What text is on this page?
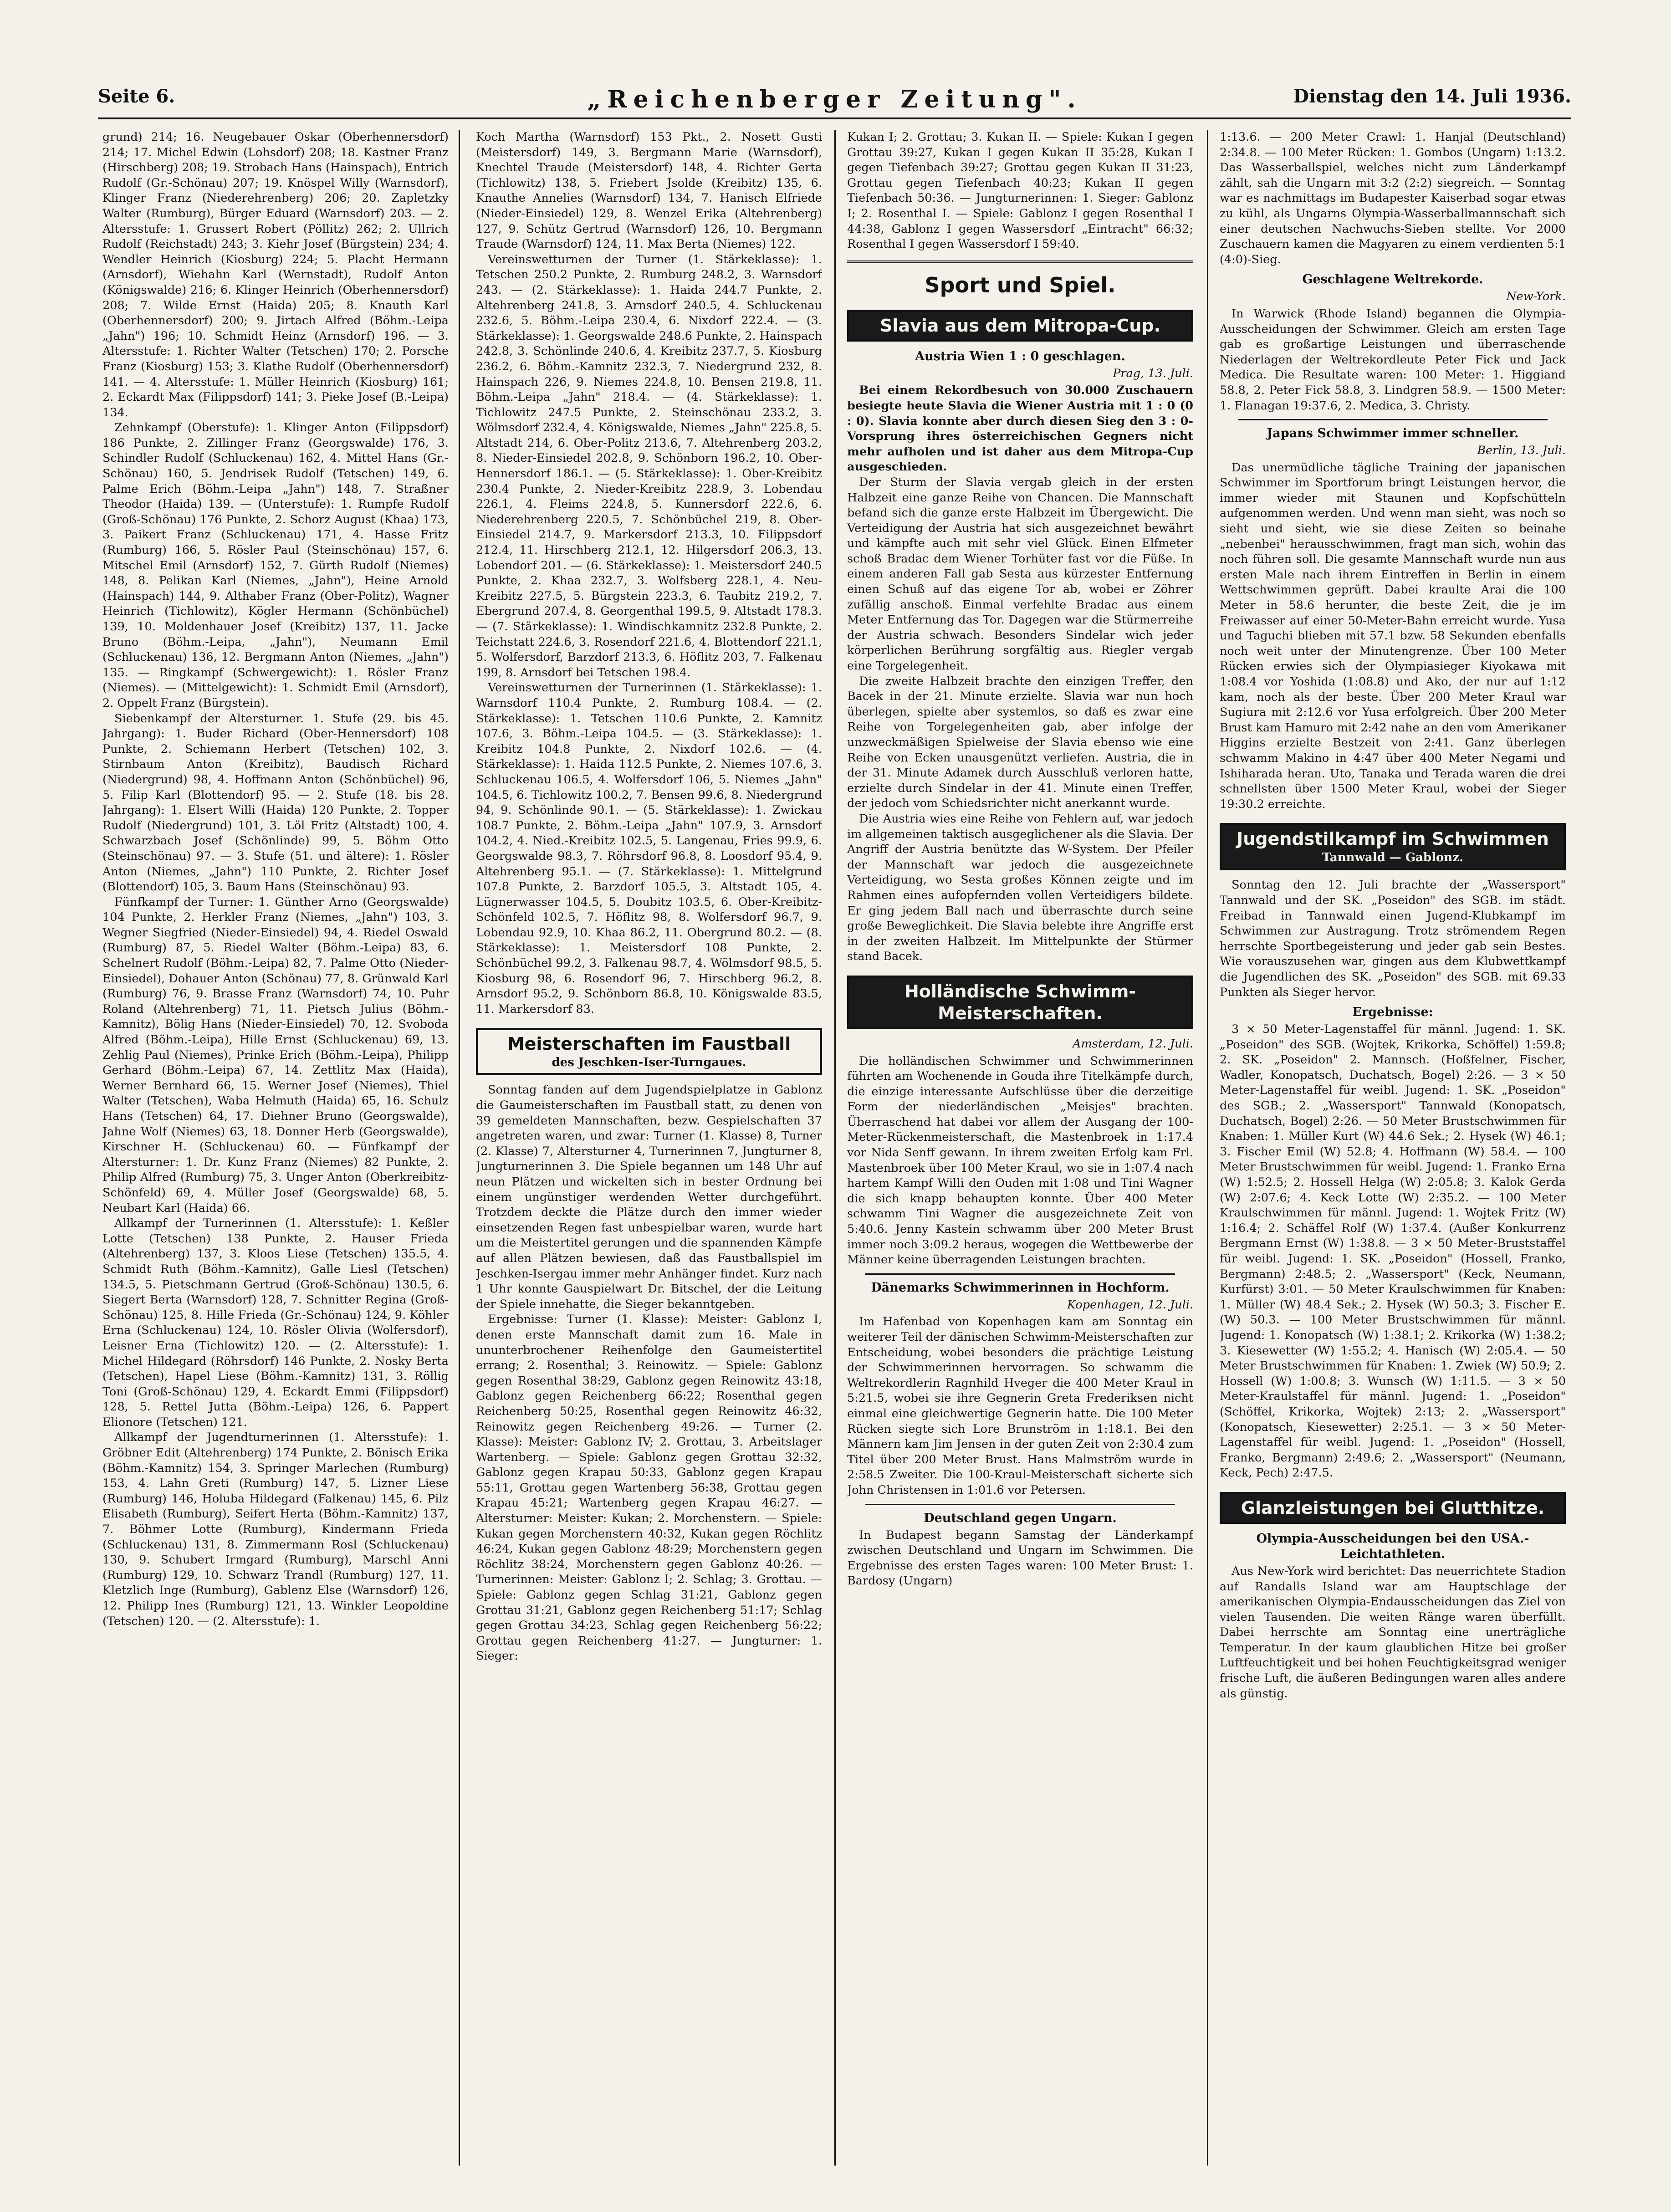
Seite 6.	„Reichenberger Zeitung".	Dienstag den 14. Juli 1936.

grund) 214; 16. Neugebauer Oskar (Oberhennersdorf) 214; 17. Michel Edwin (Lohsdorf) 208; 18. Kastner Franz (Hirschberg) 208; 19. Strobach Hans (Hainspach), Entrich Rudolf (Gr.-Schönau) 207; 19. Knöspel Willy (Warnsdorf), Klinger Franz (Niederehrenberg) 206; 20. Zapletzky Walter (Rumburg), Bürger Eduard (Warnsdorf) 203. — 2. Altersstufe: 1. Grussert Robert (Pöllitz) 262; 2. Ullrich Rudolf (Reichstadt) 243; 3. Kiehr Josef (Bürgstein) 234; 4. Wendler Heinrich (Kiosburg) 224; 5. Placht Hermann (Arnsdorf), Wiehahn Karl (Wernstadt), Rudolf Anton (Königswalde) 216; 6. Klinger Heinrich (Oberhennersdorf) 208; 7. Wilde Ernst (Haida) 205; 8. Knauth Karl (Oberhennersdorf) 200; 9. Jirtach Alfred (Böhm.-Leipa „Jahn") 196; 10. Schmidt Heinz (Arnsdorf) 196. — 3. Altersstufe: 1. Richter Walter (Tetschen) 170; 2. Porsche Franz (Kiosburg) 153; 3. Klathe Rudolf (Oberhennersdorf) 141. — 4. Altersstufe: 1. Müller Heinrich (Kiosburg) 161; 2. Eckardt Max (Filippsdorf) 141; 3. Pieke Josef (B.-Leipa) 134.

Zehnkampf (Oberstufe): 1. Klinger Anton (Filippsdorf) 186 Punkte, 2. Zillinger Franz (Georgswalde) 176, 3. Schindler Rudolf (Schluckenau) 162, 4. Mittel Hans (Gr.-Schönau) 160, 5. Jendrisek Rudolf (Tetschen) 149, 6. Palme Erich (Böhm.-Leipa „Jahn") 148, 7. Straßner Theodor (Haida) 139. — (Unterstufe): 1. Rumpfe Rudolf (Groß-Schönau) 176 Punkte, 2. Schorz August (Khaa) 173, 3. Paikert Franz (Schluckenau) 171, 4. Hasse Fritz (Rumburg) 166, 5. Rösler Paul (Steinschönau) 157, 6. Mitschel Emil (Arnsdorf) 152, 7. Gürth Rudolf (Niemes) 148, 8. Pelikan Karl (Niemes, „Jahn"), Heine Arnold (Hainspach) 144, 9. Althaber Franz (Ober-Politz), Wagner Heinrich (Tichlowitz), Kögler Hermann (Schönbüchel) 139, 10. Moldenhauer Josef (Kreibitz) 137, 11. Jacke Bruno (Böhm.-Leipa, „Jahn"), Neumann Emil (Schluckenau) 136, 12. Bergmann Anton (Niemes, „Jahn") 135. — Ringkampf (Schwergewicht): 1. Rösler Franz (Niemes). — (Mittelgewicht): 1. Schmidt Emil (Arnsdorf), 2. Oppelt Franz (Bürgstein).

Siebenkampf der Altersturner. 1. Stufe (29. bis 45. Jahrgang): 1. Buder Richard (Ober-Hennersdorf) 108 Punkte, 2. Schiemann Herbert (Tetschen) 102, 3. Stirnbaum Anton (Kreibitz), Baudisch Richard (Niedergrund) 98, 4. Hoffmann Anton (Schönbüchel) 96, 5. Filip Karl (Blottendorf) 95. — 2. Stufe (18. bis 28. Jahrgang): 1. Elsert Willi (Haida) 120 Punkte, 2. Topper Rudolf (Niedergrund) 101, 3. Löl Fritz (Altstadt) 100, 4. Schwarzbach Josef (Schönlinde) 99, 5. Böhm Otto (Steinschönau) 97. — 3. Stufe (51. und ältere): 1. Rösler Anton (Niemes, „Jahn") 110 Punkte, 2. Richter Josef (Blottendorf) 105, 3. Baum Hans (Steinschönau) 93.

Fünfkampf der Turner: 1. Günther Arno (Georgswalde) 104 Punkte, 2. Herkler Franz (Niemes, „Jahn") 103, 3. Wegner Siegfried (Nieder-Einsiedel) 94, 4. Riedel Oswald (Rumburg) 87, 5. Riedel Walter (Böhm.-Leipa) 83, 6. Schelnert Rudolf (Böhm.-Leipa) 82, 7. Palme Otto (Nieder-Einsiedel), Dohauer Anton (Schönau) 77, 8. Grünwald Karl (Rumburg) 76, 9. Brasse Franz (Warnsdorf) 74, 10. Puhr Roland (Altehrenberg) 71, 11. Pietsch Julius (Böhm.-Kamnitz), Bölig Hans (Nieder-Einsiedel) 70, 12. Svoboda Alfred (Böhm.-Leipa), Hille Ernst (Schluckenau) 69, 13. Zehlig Paul (Niemes), Prinke Erich (Böhm.-Leipa), Philipp Gerhard (Böhm.-Leipa) 67, 14. Zettlitz Max (Haida), Werner Bernhard 66, 15. Werner Josef (Niemes), Thiel Walter (Tetschen), Waba Helmuth (Haida) 65, 16. Schulz Hans (Tetschen) 64, 17. Diehner Bruno (Georgswalde), Jahne Wolf (Niemes) 63, 18. Donner Herb (Georgswalde), Kirschner H. (Schluckenau) 60. — Fünfkampf der Altersturner: 1. Dr. Kunz Franz (Niemes) 82 Punkte, 2. Philip Alfred (Rumburg) 75, 3. Unger Anton (Oberkreibitz-Schönfeld) 69, 4. Müller Josef (Georgswalde) 68, 5. Neubart Karl (Haida) 66.

Allkampf der Turnerinnen (1. Altersstufe): 1. Keßler Lotte (Tetschen) 138 Punkte, 2. Hauser Frieda (Altehrenberg) 137, 3. Kloos Liese (Tetschen) 135.5, 4. Schmidt Ruth (Böhm.-Kamnitz), Galle Liesl (Tetschen) 134.5, 5. Pietschmann Gertrud (Groß-Schönau) 130.5, 6. Siegert Berta (Warnsdorf) 128, 7. Schnitter Regina (Groß-Schönau) 125, 8. Hille Frieda (Gr.-Schönau) 124, 9. Köhler Erna (Schluckenau) 124, 10. Rösler Olivia (Wolfersdorf), Leisner Erna (Tichlowitz) 120. — (2. Altersstufe): 1. Michel Hildegard (Röhrsdorf) 146 Punkte, 2. Nosky Berta (Tetschen), Hapel Liese (Böhm.-Kamnitz) 131, 3. Röllig Toni (Groß-Schönau) 129, 4. Eckardt Emmi (Filippsdorf) 128, 5. Rettel Jutta (Böhm.-Leipa) 126, 6. Pappert Elionore (Tetschen) 121.

Allkampf der Jugendturnerinnen (1. Altersstufe): 1. Gröbner Edit (Altehrenberg) 174 Punkte, 2. Bönisch Erika (Böhm.-Kamnitz) 154, 3. Springer Marlechen (Rumburg) 153, 4. Lahn Greti (Rumburg) 147, 5. Lizner Liese (Rumburg) 146, Holuba Hildegard (Falkenau) 145, 6. Pilz Elisabeth (Rumburg), Seifert Herta (Böhm.-Kamnitz) 137, 7. Böhmer Lotte (Rumburg), Kindermann Frieda (Schluckenau) 131, 8. Zimmermann Rosl (Schluckenau) 130, 9. Schubert Irmgard (Rumburg), Marschl Anni (Rumburg) 129, 10. Schwarz Trandl (Rumburg) 127, 11. Kletzlich Inge (Rumburg), Gablenz Else (Warnsdorf) 126, 12. Philipp Ines (Rumburg) 121, 13. Winkler Leopoldine (Tetschen) 120. — (2. Altersstufe): 1.

Koch Martha (Warnsdorf) 153 Pkt., 2. Nosett Gusti (Meistersdorf) 149, 3. Bergmann Marie (Warnsdorf), Knechtel Traude (Meistersdorf) 148, 4. Richter Gerta (Tichlowitz) 138, 5. Friebert Jsolde (Kreibitz) 135, 6. Knauthe Annelies (Warnsdorf) 134, 7. Hanisch Elfriede (Nieder-Einsiedel) 129, 8. Wenzel Erika (Altehrenberg) 127, 9. Schütz Gertrud (Warnsdorf) 126, 10. Bergmann Traude (Warnsdorf) 124, 11. Max Berta (Niemes) 122.

Vereinswetturnen der Turner (1. Stärkeklasse): 1. Tetschen 250.2 Punkte, 2. Rumburg 248.2, 3. Warnsdorf 243. — (2. Stärkeklasse): 1. Haida 244.7 Punkte, 2. Altehrenberg 241.8, 3. Arnsdorf 240.5, 4. Schluckenau 232.6, 5. Böhm.-Leipa 230.4, 6. Nixdorf 222.4. — (3. Stärkeklasse): 1. Georgswalde 248.6 Punkte, 2. Hainspach 242.8, 3. Schönlinde 240.6, 4. Kreibitz 237.7, 5. Kiosburg 236.2, 6. Böhm.-Kamnitz 232.3, 7. Niedergrund 232, 8. Hainspach 226, 9. Niemes 224.8, 10. Bensen 219.8, 11. Böhm.-Leipa „Jahn" 218.4. — (4. Stärkeklasse): 1. Tichlowitz 247.5 Punkte, 2. Steinschönau 233.2, 3. Wölmsdorf 232.4, 4. Königswalde, Niemes „Jahn" 225.8, 5. Altstadt 214, 6. Ober-Politz 213.6, 7. Altehrenberg 203.2, 8. Nieder-Einsiedel 202.8, 9. Schönborn 196.2, 10. Ober-Hennersdorf 186.1. — (5. Stärkeklasse): 1. Ober-Kreibitz 230.4 Punkte, 2. Nieder-Kreibitz 228.9, 3. Lobendau 226.1, 4. Fleims 224.8, 5. Kunnersdorf 222.6, 6. Niederehrenberg 220.5, 7. Schönbüchel 219, 8. Ober-Einsiedel 214.7, 9. Markersdorf 213.3, 10. Filippsdorf 212.4, 11. Hirschberg 212.1, 12. Hilgersdorf 206.3, 13. Lobendorf 201. — (6. Stärkeklasse): 1. Meistersdorf 240.5 Punkte, 2. Khaa 232.7, 3. Wolfsberg 228.1, 4. Neu-Kreibitz 227.5, 5. Bürgstein 223.3, 6. Taubitz 219.2, 7. Ebergrund 207.4, 8. Georgenthal 199.5, 9. Altstadt 178.3. — (7. Stärkeklasse): 1. Windischkamnitz 232.8 Punkte, 2. Teichstatt 224.6, 3. Rosendorf 221.6, 4. Blottendorf 221.1, 5. Wolfersdorf, Barzdorf 213.3, 6. Höflitz 203, 7. Falkenau 199, 8. Arnsdorf bei Tetschen 198.4.

Vereinswetturnen der Turnerinnen (1. Stärkeklasse): 1. Warnsdorf 110.4 Punkte, 2. Rumburg 108.4. — (2. Stärkeklasse): 1. Tetschen 110.6 Punkte, 2. Kamnitz 107.6, 3. Böhm.-Leipa 104.5. — (3. Stärkeklasse): 1. Kreibitz 104.8 Punkte, 2. Nixdorf 102.6. — (4. Stärkeklasse): 1. Haida 112.5 Punkte, 2. Niemes 107.6, 3. Schluckenau 106.5, 4. Wolfersdorf 106, 5. Niemes „Jahn" 104.5, 6. Tichlowitz 100.2, 7. Bensen 99.6, 8. Niedergrund 94, 9. Schönlinde 90.1. — (5. Stärkeklasse): 1. Zwickau 108.7 Punkte, 2. Böhm.-Leipa „Jahn" 107.9, 3. Arnsdorf 104.2, 4. Nied.-Kreibitz 102.5, 5. Langenau, Fries 99.9, 6. Georgswalde 98.3, 7. Röhrsdorf 96.8, 8. Loosdorf 95.4, 9. Altehrenberg 95.1. — (7. Stärkeklasse): 1. Mittelgrund 107.8 Punkte, 2. Barzdorf 105.5, 3. Altstadt 105, 4. Lügnerwasser 104.5, 5. Doubitz 103.5, 6. Ober-Kreibitz-Schönfeld 102.5, 7. Höflitz 98, 8. Wolfersdorf 96.7, 9. Lobendau 92.9, 10. Khaa 86.2, 11. Obergrund 80.2. — (8. Stärkeklasse): 1. Meistersdorf 108 Punkte, 2. Schönbüchel 99.2, 3. Falkenau 98.7, 4. Wölmsdorf 98.5, 5. Kiosburg 98, 6. Rosendorf 96, 7. Hirschberg 96.2, 8. Arnsdorf 95.2, 9. Schönborn 86.8, 10. Königswalde 83.5, 11. Markersdorf 83.

Meisterschaften im Faustball
des Jeschken-Iser-Turngaues.

Sonntag fanden auf dem Jugendspielplatze in Gablonz die Gaumeisterschaften im Faustball statt, zu denen von 39 gemeldeten Mannschaften, bezw. Gespielschaften 37 angetreten waren, und zwar: Turner (1. Klasse) 8, Turner (2. Klasse) 7, Altersturner 4, Turnerinnen 7, Jungturner 8, Jungturnerinnen 3. Die Spiele begannen um 148 Uhr auf neun Plätzen und wickelten sich in bester Ordnung bei einem ungünstiger werdenden Wetter durchgeführt. Trotzdem deckte die Plätze durch den immer wieder einsetzenden Regen fast unbespielbar waren, wurde hart um die Meistertitel gerungen und die spannenden Kämpfe auf allen Plätzen bewiesen, daß das Faustballspiel im Jeschken-Isergau immer mehr Anhänger findet. Kurz nach 1 Uhr konnte Gauspielwart Dr. Bitschel, der die Leitung der Spiele innehatte, die Sieger bekanntgeben.

Ergebnisse: Turner (1. Klasse): Meister: Gablonz I, denen erste Mannschaft damit zum 16. Male in ununterbrochener Reihenfolge den Gaumeistertitel errang; 2. Rosenthal; 3. Reinowitz. — Spiele: Gablonz gegen Rosenthal 38:29, Gablonz gegen Reinowitz 43:18, Gablonz gegen Reichenberg 66:22; Rosenthal gegen Reichenberg 50:25, Rosenthal gegen Reinowitz 46:32, Reinowitz gegen Reichenberg 49:26. — Turner (2. Klasse): Meister: Gablonz IV; 2. Grottau, 3. Arbeitslager Wartenberg. — Spiele: Gablonz gegen Grottau 32:32, Gablonz gegen Krapau 50:33, Gablonz gegen Krapau 55:11, Grottau gegen Wartenberg 56:38, Grottau gegen Krapau 45:21; Wartenberg gegen Krapau 46:27. — Altersturner: Meister: Kukan; 2. Morchenstern. — Spiele: Kukan gegen Morchenstern 40:32, Kukan gegen Röchlitz 46:24, Kukan gegen Gablonz 48:29; Morchenstern gegen Röchlitz 38:24, Morchenstern gegen Gablonz 40:26. — Turnerinnen: Meister: Gablonz I; 2. Schlag; 3. Grottau. — Spiele: Gablonz gegen Schlag 31:21, Gablonz gegen Grottau 31:21, Gablonz gegen Reichenberg 51:17; Schlag gegen Grottau 34:23, Schlag gegen Reichenberg 56:22; Grottau gegen Reichenberg 41:27. — Jungturner: 1. Sieger:

Kukan I; 2. Grottau; 3. Kukan II. — Spiele: Kukan I gegen Grottau 39:27, Kukan I gegen Kukan II 35:28, Kukan I gegen Tiefenbach 39:27; Grottau gegen Kukan II 31:23, Grottau gegen Tiefenbach 40:23; Kukan II gegen Tiefenbach 50:36. — Jungturnerinnen: 1. Sieger: Gablonz I; 2. Rosenthal I. — Spiele: Gablonz I gegen Rosenthal I 44:38, Gablonz I gegen Wassersdorf „Eintracht" 66:32; Rosenthal I gegen Wassersdorf I 59:40.

Sport und Spiel.
Slavia aus dem Mitropa-Cup.
Austria Wien 1 : 0 geschlagen.
Prag, 13. Juli.

Bei einem Rekordbesuch von 30.000 Zuschauern besiegte heute Slavia die Wiener Austria mit 1 : 0 (0 : 0). Slavia konnte aber durch diesen Sieg den 3 : 0-Vorsprung ihres österreichischen Gegners nicht mehr aufholen und ist daher aus dem Mitropa-Cup ausgeschieden.

Der Sturm der Slavia vergab gleich in der ersten Halbzeit eine ganze Reihe von Chancen. Die Mannschaft befand sich die ganze erste Halbzeit im Übergewicht. Die Verteidigung der Austria hat sich ausgezeichnet bewährt und kämpfte auch mit sehr viel Glück. Einen Elfmeter schoß Bradac dem Wiener Torhüter fast vor die Füße. In einem anderen Fall gab Sesta aus kürzester Entfernung einen Schuß auf das eigene Tor ab, wobei er Zöhrer zufällig anschoß. Einmal verfehlte Bradac aus einem Meter Entfernung das Tor. Dagegen war die Stürmerreihe der Austria schwach. Besonders Sindelar wich jeder körperlichen Berührung sorgfältig aus. Riegler vergab eine Torgelegenheit.

Die zweite Halbzeit brachte den einzigen Treffer, den Bacek in der 21. Minute erzielte. Slavia war nun hoch überlegen, spielte aber systemlos, so daß es zwar eine Reihe von Torgelegenheiten gab, aber infolge der unzweckmäßigen Spielweise der Slavia ebenso wie eine Reihe von Ecken unausgenützt verliefen. Austria, die in der 31. Minute Adamek durch Ausschluß verloren hatte, erzielte durch Sindelar in der 41. Minute einen Treffer, der jedoch vom Schiedsrichter nicht anerkannt wurde.

Die Austria wies eine Reihe von Fehlern auf, war jedoch im allgemeinen taktisch ausgeglichener als die Slavia. Der Angriff der Austria benützte das W-System. Der Pfeiler der Mannschaft war jedoch die ausgezeichnete Verteidigung, wo Sesta großes Können zeigte und im Rahmen eines aufopfernden vollen Verteidigers bildete. Er ging jedem Ball nach und überraschte durch seine große Beweglichkeit. Die Slavia belebte ihre Angriffe erst in der zweiten Halbzeit. Im Mittelpunkte der Stürmer stand Bacek.

Holländische Schwimm-Meisterschaften.
Amsterdam, 12. Juli.

Die holländischen Schwimmer und Schwimmerinnen führten am Wochenende in Gouda ihre Titelkämpfe durch, die einzige interessante Aufschlüsse über die derzeitige Form der niederländischen „Meisjes" brachten. Überraschend hat dabei vor allem der Ausgang der 100-Meter-Rückenmeisterschaft, die Mastenbroek in 1:17.4 vor Nida Senff gewann. In ihrem zweiten Erfolg kam Frl. Mastenbroek über 100 Meter Kraul, wo sie in 1:07.4 nach hartem Kampf Willi den Ouden mit 1:08 und Tini Wagner die sich knapp behaupten konnte. Über 400 Meter schwamm Tini Wagner die ausgezeichnete Zeit von 5:40.6. Jenny Kastein schwamm über 200 Meter Brust immer noch 3:09.2 heraus, wogegen die Wettbewerbe der Männer keine überragenden Leistungen brachten.

Dänemarks Schwimmerinnen in Hochform.
Kopenhagen, 12. Juli.

Im Hafenbad von Kopenhagen kam am Sonntag ein weiterer Teil der dänischen Schwimm-Meisterschaften zur Entscheidung, wobei besonders die prächtige Leistung der Schwimmerinnen hervorragen. So schwamm die Weltrekordlerin Ragnhild Hveger die 400 Meter Kraul in 5:21.5, wobei sie ihre Gegnerin Greta Frederiksen nicht einmal eine gleichwertige Gegnerin hatte. Die 100 Meter Rücken siegte sich Lore Brunström in 1:18.1. Bei den Männern kam Jim Jensen in der guten Zeit von 2:30.4 zum Titel über 200 Meter Brust. Hans Malmström wurde in 2:58.5 Zweiter. Die 100-Kraul-Meisterschaft sicherte sich John Christensen in 1:01.6 vor Petersen.

Deutschland gegen Ungarn.

In Budapest begann Samstag der Länderkampf zwischen Deutschland und Ungarn im Schwimmen. Die Ergebnisse des ersten Tages waren: 100 Meter Brust: 1. Bardosy (Ungarn)

1:13.6. — 200 Meter Crawl: 1. Hanjal (Deutschland) 2:34.8. — 100 Meter Rücken: 1. Gombos (Ungarn) 1:13.2. Das Wasserballspiel, welches nicht zum Länderkampf zählt, sah die Ungarn mit 3:2 (2:2) siegreich. — Sonntag war es nachmittags im Budapester Kaiserbad sogar etwas zu kühl, als Ungarns Olympia-Wasserballmannschaft sich einer deutschen Nachwuchs-Sieben stellte. Vor 2000 Zuschauern kamen die Magyaren zu einem verdienten 5:1 (4:0)-Sieg.

Geschlagene Weltrekorde.
New-York.

In Warwick (Rhode Island) begannen die Olympia-Ausscheidungen der Schwimmer. Gleich am ersten Tage gab es großartige Leistungen und überraschende Niederlagen der Weltrekordleute Peter Fick und Jack Medica. Die Resultate waren: 100 Meter: 1. Higgiand 58.8, 2. Peter Fick 58.8, 3. Lindgren 58.9. — 1500 Meter: 1. Flanagan 19:37.6, 2. Medica, 3. Christy.

Japans Schwimmer immer schneller.
Berlin, 13. Juli.

Das unermüdliche tägliche Training der japanischen Schwimmer im Sportforum bringt Leistungen hervor, die immer wieder mit Staunen und Kopfschütteln aufgenommen werden. Und wenn man sieht, was noch so sieht und sieht, wie sie diese Zeiten so beinahe „nebenbei" herausschwimmen, fragt man sich, wohin das noch führen soll. Die gesamte Mannschaft wurde nun aus ersten Male nach ihrem Eintreffen in Berlin in einem Wettschwimmen geprüft. Dabei kraulte Arai die 100 Meter in 58.6 herunter, die beste Zeit, die je im Freiwasser auf einer 50-Meter-Bahn erreicht wurde. Yusa und Taguchi blieben mit 57.1 bzw. 58 Sekunden ebenfalls noch weit unter der Minutengrenze. Über 100 Meter Rücken erwies sich der Olympiasieger Kiyokawa mit 1:08.4 vor Yoshida (1:08.8) und Ako, der nur auf 1:12 kam, noch als der beste. Über 200 Meter Kraul war Sugiura mit 2:12.6 vor Yusa erfolgreich. Über 200 Meter Brust kam Hamuro mit 2:42 nahe an den vom Amerikaner Higgins erzielte Bestzeit von 2:41. Ganz überlegen schwamm Makino in 4:47 über 400 Meter Negami und Ishiharada heran. Uto, Tanaka und Terada waren die drei schnellsten über 1500 Meter Kraul, wobei der Sieger 19:30.2 erreichte.

Jugendstilkampf im Schwimmen
Tannwald — Gablonz.

Sonntag den 12. Juli brachte der „Wassersport" Tannwald und der SK. „Poseidon" des SGB. im städt. Freibad in Tannwald einen Jugend-Klubkampf im Schwimmen zur Austragung. Trotz strömendem Regen herrschte Sportbegeisterung und jeder gab sein Bestes. Wie vorauszusehen war, gingen aus dem Klubwettkampf die Jugendlichen des SK. „Poseidon" des SGB. mit 69.33 Punkten als Sieger hervor.

Ergebnisse:

3 × 50 Meter-Lagenstaffel für männl. Jugend: 1. SK. „Poseidon" des SGB. (Wojtek, Krikorka, Schöffel) 1:59.8; 2. SK. „Poseidon" 2. Mannsch. (Hoßfelner, Fischer, Wadler, Konopatsch, Duchatsch, Bogel) 2:26. — 3 × 50 Meter-Lagenstaffel für weibl. Jugend: 1. SK. „Poseidon" des SGB.; 2. „Wassersport" Tannwald (Konopatsch, Duchatsch, Bogel) 2:26. — 50 Meter Brustschwimmen für Knaben: 1. Müller Kurt (W) 44.6 Sek.; 2. Hysek (W) 46.1; 3. Fischer Emil (W) 52.8; 4. Hoffmann (W) 58.4. — 100 Meter Brustschwimmen für weibl. Jugend: 1. Franko Erna (W) 1:52.5; 2. Hossell Helga (W) 2:05.8; 3. Kalok Gerda (W) 2:07.6; 4. Keck Lotte (W) 2:35.2. — 100 Meter Kraulschwimmen für männl. Jugend: 1. Wojtek Fritz (W) 1:16.4; 2. Schäffel Rolf (W) 1:37.4. (Außer Konkurrenz Bergmann Ernst (W) 1:38.8. — 3 × 50 Meter-Bruststaffel für weibl. Jugend: 1. SK. „Poseidon" (Hossell, Franko, Bergmann) 2:48.5; 2. „Wassersport" (Keck, Neumann, Kurfürst) 3:01. — 50 Meter Kraulschwimmen für Knaben: 1. Müller (W) 48.4 Sek.; 2. Hysek (W) 50.3; 3. Fischer E. (W) 50.3. — 100 Meter Brustschwimmen für männl. Jugend: 1. Konopatsch (W) 1:38.1; 2. Krikorka (W) 1:38.2; 3. Kiesewetter (W) 1:55.2; 4. Hanisch (W) 2:05.4. — 50 Meter Brustschwimmen für Knaben: 1. Zwiek (W) 50.9; 2. Hossell (W) 1:00.8; 3. Wunsch (W) 1:11.5. — 3 × 50 Meter-Kraulstaffel für männl. Jugend: 1. „Poseidon" (Schöffel, Krikorka, Wojtek) 2:13; 2. „Wassersport" (Konopatsch, Kiesewetter) 2:25.1. — 3 × 50 Meter-Lagenstaffel für weibl. Jugend: 1. „Poseidon" (Hossell, Franko, Bergmann) 2:49.6; 2. „Wassersport" (Neumann, Keck, Pech) 2:47.5.

Glanzleistungen bei Glutthitze.
Olympia-Ausscheidungen bei den USA.-Leichtathleten.

Aus New-York wird berichtet: Das neuerrichtete Stadion auf Randalls Island war am Hauptschlage der amerikanischen Olympia-Endausscheidungen das Ziel von vielen Tausenden. Die weiten Ränge waren überfüllt. Dabei herrschte am Sonntag eine unerträgliche Temperatur. In der kaum glaublichen Hitze bei großer Luftfeuchtigkeit und bei hohen Feuchtigkeitsgrad weniger frische Luft, die äußeren Bedingungen waren alles andere als günstig.
